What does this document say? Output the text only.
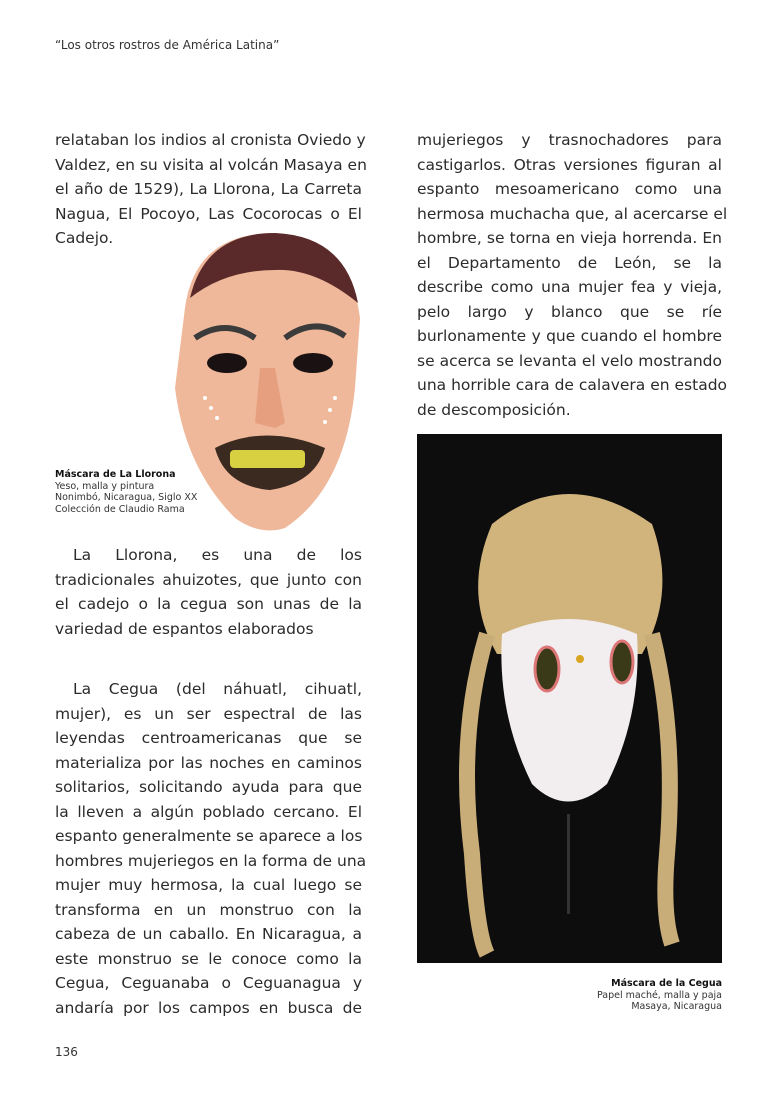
“Los otros rostros de América Latina”
relataban los indios al cronista Oviedo y
Valdez, en su visita al volcán Masaya en
el año de 1529), La Llorona, La Carreta
Nagua, El Pocoyo, Las Cocorocas o El
Cadejo.
La Llorona, es una de los
tradicionales ahuizotes, que junto con
el cadejo o la cegua son unas de la
variedad de espantos elaborados
La Cegua (del náhuatl, cihuatl,
mujer), es un ser espectral de las
leyendas centroamericanas que se
materializa por las noches en caminos
solitarios, solicitando ayuda para que
la lleven a algún poblado cercano. El
espanto generalmente se aparece a los
hombres mujeriegos en la forma de una
mujer muy hermosa, la cual luego se
transforma en un monstruo con la
cabeza de un caballo. En Nicaragua, a
este monstruo se le conoce como la
Cegua, Ceguanaba o Ceguanagua y
andaría por los campos en busca de
mujeriegos y trasnochadores para
castigarlos. Otras versiones figuran al
espanto mesoamericano como una
hermosa muchacha que, al acercarse el
hombre, se torna en vieja horrenda. En
el Departamento de León, se la
describe como una mujer fea y vieja,
pelo largo y blanco que se ríe
burlonamente y que cuando el hombre
se acerca se levanta el velo mostrando
una horrible cara de calavera en estado
de descomposición.
Máscara de La Llorona
Yeso, malla y pintura
Nonimbó, Nicaragua, Siglo XX
Colección de Claudio Rama
Máscara de la Cegua
Papel maché, malla y paja
Masaya, Nicaragua
136
